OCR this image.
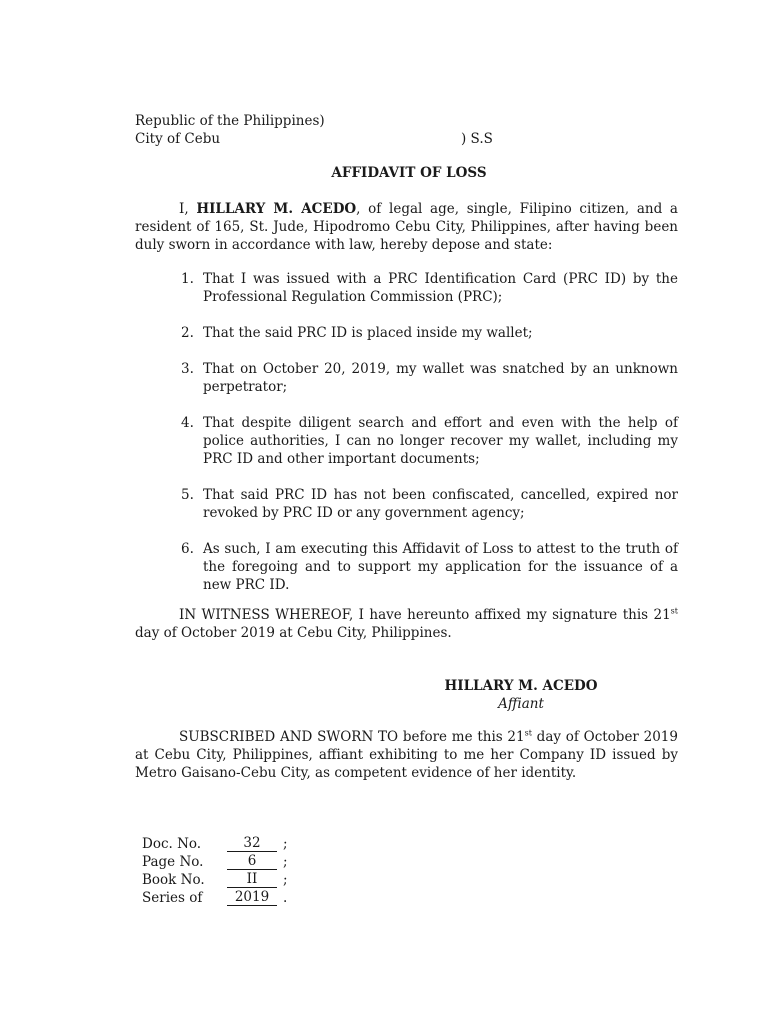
Republic of the Philippines)
City of Cebu	) S.S
AFFIDAVIT OF LOSS
I, HILLARY M. ACEDO, of legal age, single, Filipino citizen, and a resident of 165, St. Jude, Hipodromo Cebu City, Philippines, after having been duly sworn in accordance with law, hereby depose and state:
1. That I was issued with a PRC Identification Card (PRC ID) by the Professional Regulation Commission (PRC);
2. That the said PRC ID is placed inside my wallet;
3. That on October 20, 2019, my wallet was snatched by an unknown perpetrator;
4. That despite diligent search and effort and even with the help of police authorities, I can no longer recover my wallet, including my PRC ID and other important documents;
5. That said PRC ID has not been confiscated, cancelled, expired nor revoked by PRC ID or any government agency;
6. As such, I am executing this Affidavit of Loss to attest to the truth of the foregoing and to support my application for the issuance of a new PRC ID.
IN WITNESS WHEREOF, I have hereunto affixed my signature this 21st day of October 2019 at Cebu City, Philippines.
HILLARY M. ACEDO
Affiant
SUBSCRIBED AND SWORN TO before me this 21st day of October 2019 at Cebu City, Philippines, affiant exhibiting to me her Company ID issued by Metro Gaisano-Cebu City, as competent evidence of her identity.
Doc. No.	32	;
Page No.	6	;
Book No.	II	;
Series of	2019	.
